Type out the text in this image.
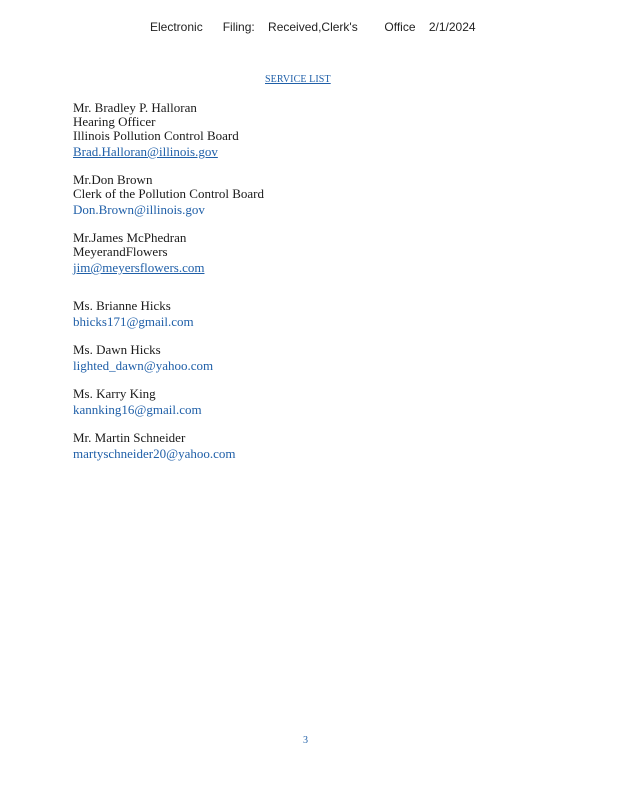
Electronic      Filing:    Received,Clerk's        Office    2/1/2024
SERVICE LIST
Mr. Bradley P. Halloran
Hearing Officer
Illinois Pollution Control Board
Brad.Halloran@illinois.gov
Mr.Don Brown
Clerk of the Pollution Control Board
Don.Brown@illinois.gov
Mr.James McPhedran
MeyerandFlowers
jim@meyersflowers.com
Ms. Brianne Hicks
bhicks171@gmail.com
Ms. Dawn Hicks
lighted_dawn@yahoo.com
Ms. Karry King
kannking16@gmail.com
Mr. Martin Schneider
martyschneider20@yahoo.com
3
